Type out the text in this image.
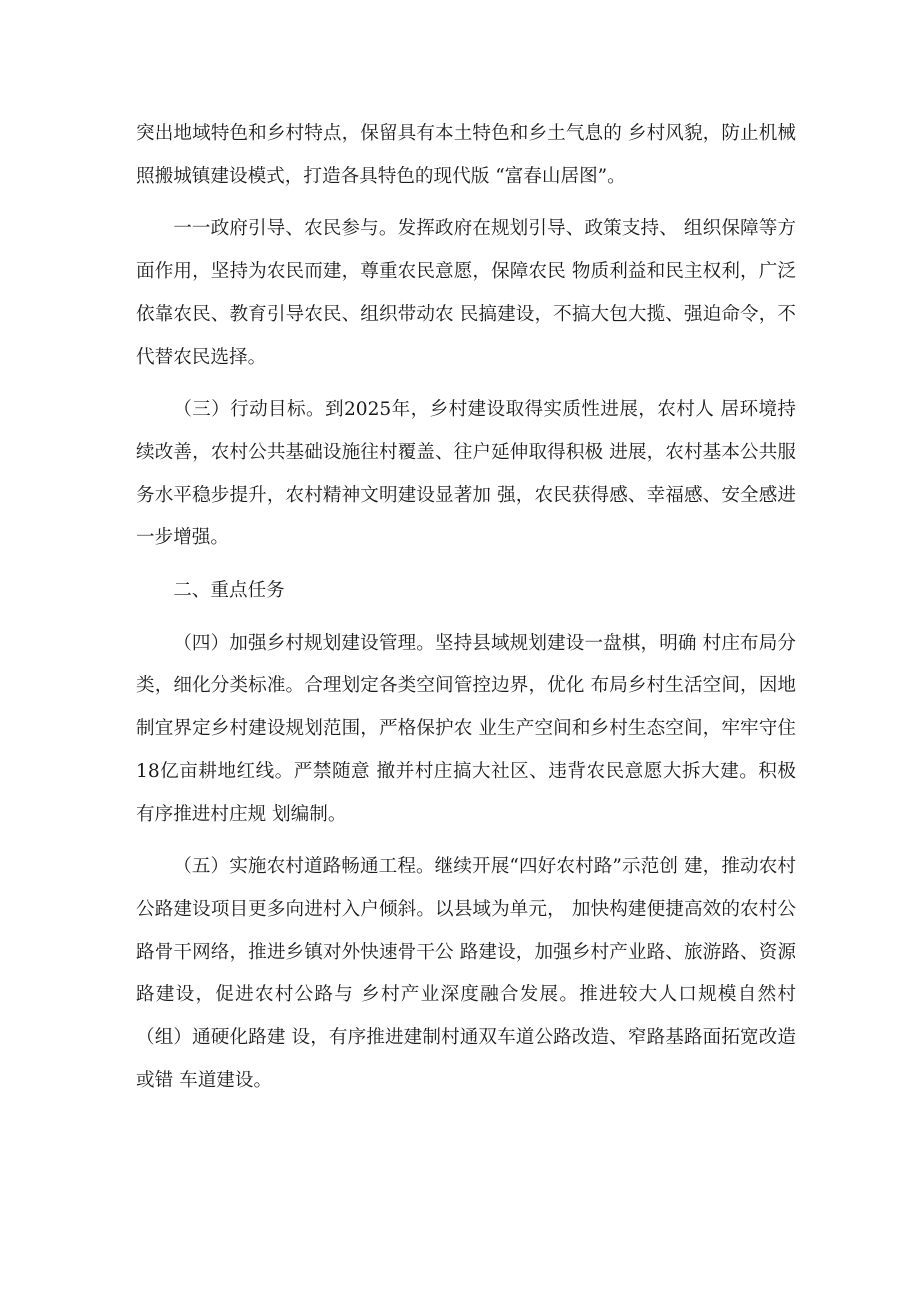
突出地域特色和乡村特点，保留具有本土特色和乡土气息的 乡村风貌，防止机械照搬城镇建设模式，打造各具特色的现代版 “富春山居图”。

一一政府引导、农民参与。发挥政府在规划引导、政策支持、 组织保障等方面作用，坚持为农民而建，尊重农民意愿，保障农民 物质利益和民主权利，广泛依靠农民、教育引导农民、组织带动农 民搞建设，不搞大包大揽、强迫命令，不代替农民选择。

（三）行动目标。到2025年，乡村建设取得实质性进展，农村人 居环境持续改善，农村公共基础设施往村覆盖、往户延伸取得积极 进展，农村基本公共服务水平稳步提升，农村精神文明建设显著加 强，农民获得感、幸福感、安全感进一步增强。

二、重点任务

（四）加强乡村规划建设管理。坚持县域规划建设一盘棋，明确 村庄布局分类，细化分类标准。合理划定各类空间管控边界，优化 布局乡村生活空间，因地制宜界定乡村建设规划范围，严格保护农 业生产空间和乡村生态空间，牢牢守住18亿亩耕地红线。严禁随意 撤并村庄搞大社区、违背农民意愿大拆大建。积极有序推进村庄规 划编制。

（五）实施农村道路畅通工程。继续开展“四好农村路”示范创 建，推动农村公路建设项目更多向进村入户倾斜。以县域为单元， 加快构建便捷高效的农村公路骨干网络，推进乡镇对外快速骨干公 路建设，加强乡村产业路、旅游路、资源路建设，促进农村公路与 乡村产业深度融合发展。推进较大人口规模自然村（组）通硬化路建 设，有序推进建制村通双车道公路改造、窄路基路面拓宽改造或错 车道建设。
